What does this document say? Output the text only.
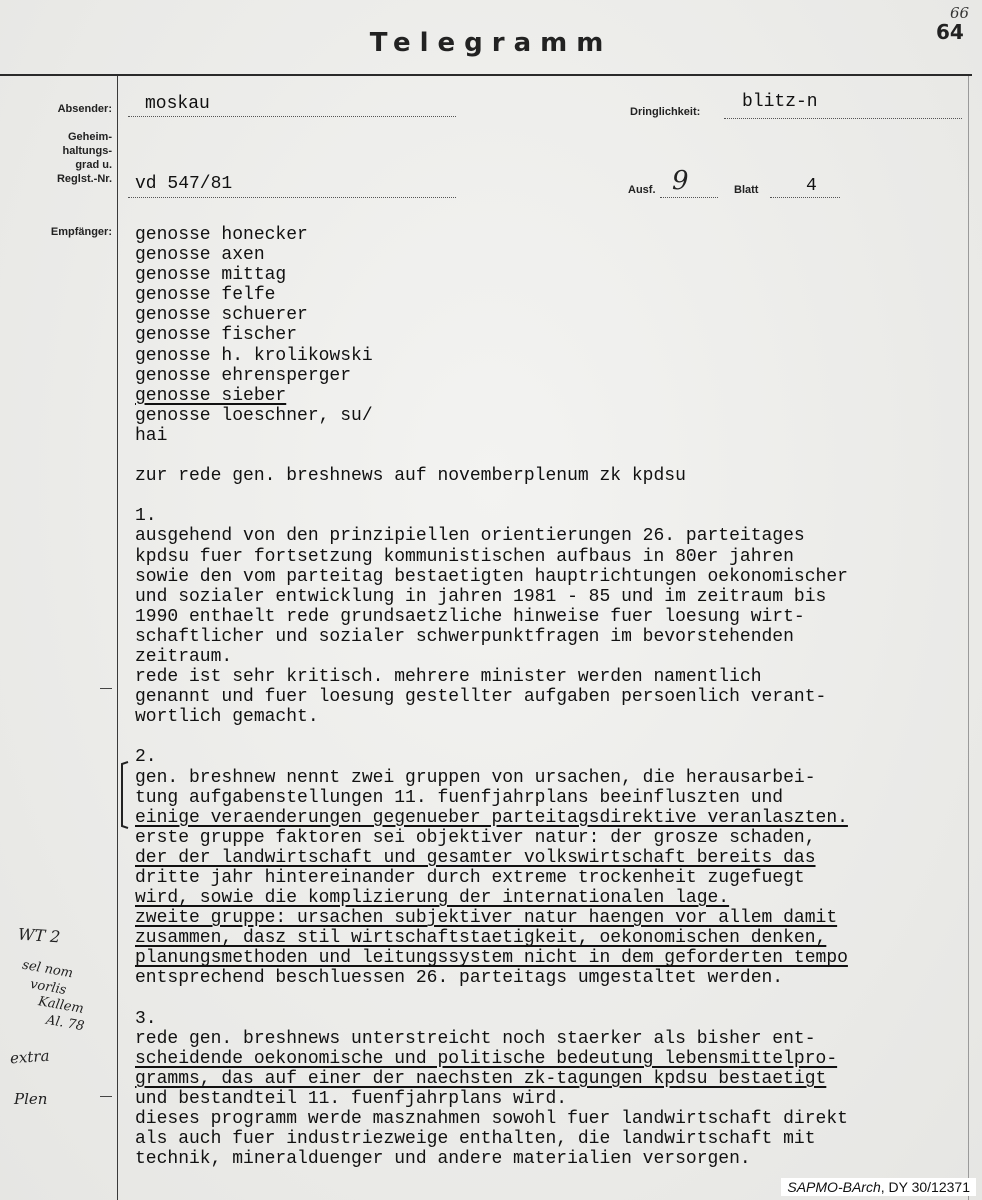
Telegramm
66
64
Absender: moskau	Dringlichkeit: blitz-n
Geheim-
haltungs-
grad u.
Reglst.-Nr. vd 547/81	Ausf. 9	Blatt	4
Empfänger: genosse honecker
genosse axen
genosse mittag
genosse felfe
genosse schuerer
genosse fischer
genosse h. krolikowski
genosse ehrensperger
genosse sieber
genosse loeschner, su/
hai
zur rede gen. breshnews auf novemberplenum zk kpdsu
1.
ausgehend von den prinzipiellen orientierungen 26. parteitages
kpdsu fuer fortsetzung kommunistischen aufbaus in 80er jahren
sowie den vom parteitag bestaetigten hauptrichtungen oekonomischer
und sozialer entwicklung in jahren 1981 - 85 und im zeitraum bis
1990 enthaelt rede grundsaetzliche hinweise fuer loesung wirt-
schaftlicher und sozialer schwerpunktfragen im bevorstehenden
zeitraum.
rede ist sehr kritisch. mehrere minister werden namentlich
genannt und fuer loesung gestellter aufgaben persoenlich verant-
wortlich gemacht.
2.
gen. breshnew nennt zwei gruppen von ursachen, die herausarbei-
tung aufgabenstellungen 11. fuenfjahrplans beeinfluszten und
einige veraenderungen gegenueber parteitagsdirektive veranlaszten.
erste gruppe faktoren sei objektiver natur: der grosze schaden,
der der landwirtschaft und gesamter volkswirtschaft bereits das
dritte jahr hintereinander durch extreme trockenheit zugefuegt
wird, sowie die komplizierung der internationalen lage.
zweite gruppe: ursachen subjektiver natur haengen vor allem damit
zusammen, dasz stil wirtschaftstaetigkeit, oekonomischen denken,
planungsmethoden und leitungssystem nicht in dem geforderten tempo
entsprechend beschluessen 26. parteitags umgestaltet werden.
3.
rede gen. breshnews unterstreicht noch staerker als bisher ent-
scheidende oekonomische und politische bedeutung lebensmittelpro-
gramms, das auf einer der naechsten zk-tagungen kpdsu bestaetigt
und bestandteil 11. fuenfjahrplans wird.
dieses programm werde masznahmen sowohl fuer landwirtschaft direkt
als auch fuer industriezweige enthalten, die landwirtschaft mit
technik, mineralduenger und andere materialien versorgen.
WT 2
sel nom
vorlis
Kallem
Al. 78
extra
Plen
SAPMO-BArch, DY 30/12371
